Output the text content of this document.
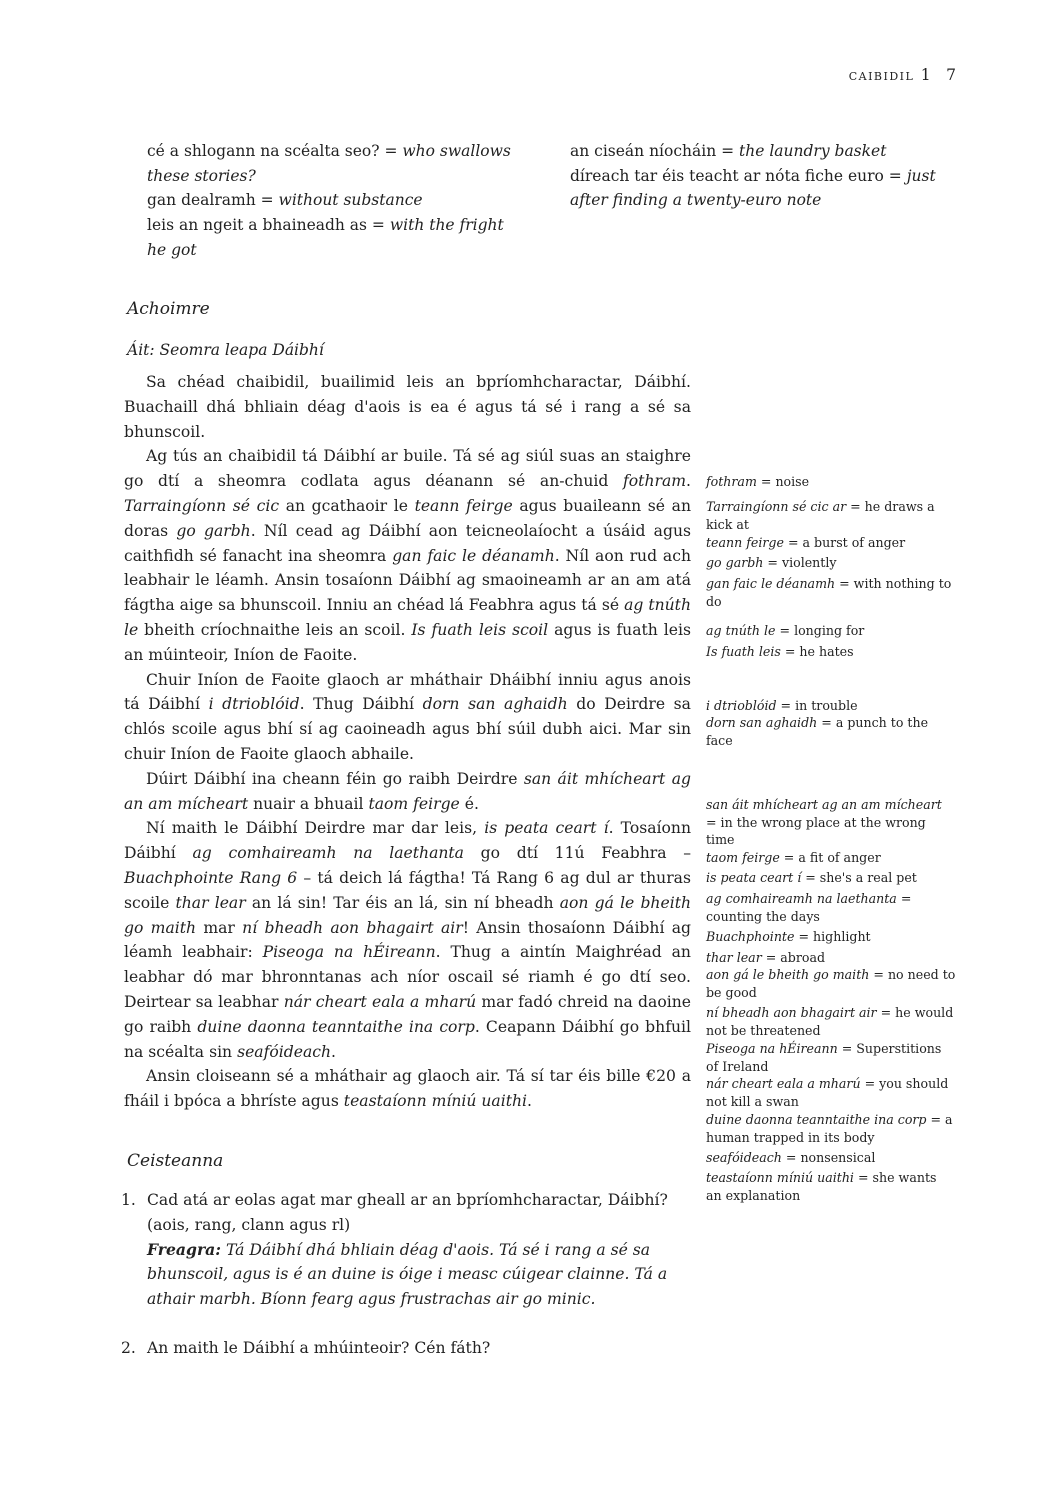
caibidil 1 7
cé a shlogann na scéalta seo? = who swallows these stories?
gan dealramh = without substance
leis an ngeit a bhaineadh as = with the fright he got
an ciseán níocháin = the laundry basket
díreach tar éis teacht ar nóta fiche euro = just after finding a twenty-euro note
Achoimre
Áit: Seomra leapa Dáibhí

Sa chéad chaibidil, buailimid leis an bpríomhcharactar, Dáibhí. Buachaill dhá bhliain déag d'aois is ea é agus tá sé i rang a sé sa bhunscoil.

Ag tús an chaibidil tá Dáibhí ar buile. Tá sé ag siúl suas an staighre go dtí a sheomra codlata agus déanann sé an-chuid fothram. Tarraingíonn sé cic an gcathaoir le teann feirge agus buaileann sé an doras go garbh. Níl cead ag Dáibhí aon teicneolaíocht a úsáid agus caithfidh sé fanacht ina sheomra gan faic le déanamh. Níl aon rud ach leabhair le léamh. Ansin tosaíonn Dáibhí ag smaoineamh ar an am atá fágtha aige sa bhunscoil. Inniu an chéad lá Feabhra agus tá sé ag tnúth le bheith críochnaithe leis an scoil. Is fuath leis scoil agus is fuath leis an múinteoir, Iníon de Faoite.

Chuir Iníon de Faoite glaoch ar mháthair Dháibhí inniu agus anois tá Dáibhí i dtrioblóid. Thug Dáibhí dorn san aghaidh do Deirdre sa chlós scoile agus bhí sí ag caoineadh agus bhí súil dubh aici. Mar sin chuir Iníon de Faoite glaoch abhaile.

Dúirt Dáibhí ina cheann féin go raibh Deirdre san áit mhícheart ag an am mícheart nuair a bhuail taom feirge é.

Ní maith le Dáibhí Deirdre mar dar leis, is peata ceart í. Tosaíonn Dáibhí ag comhaireamh na laethanta go dtí 11ú Feabhra – Buachphointe Rang 6 – tá deich lá fágtha! Tá Rang 6 ag dul ar thuras scoile thar lear an lá sin! Tar éis an lá, sin ní bheadh aon gá le bheith go maith mar ní bheadh aon bhagairt air! Ansin thosaíonn Dáibhí ag léamh leabhair: Piseoga na hÉireann. Thug a aintín Maighréad an leabhar dó mar bhronntanas ach níor oscail sé riamh é go dtí seo. Deirtear sa leabhar nár cheart eala a mharú mar fadó chreid na daoine go raibh duine daonna teanntaithe ina corp. Ceapann Dáibhí go bhfuil na scéalta sin seafóideach.

Ansin cloiseann sé a mháthair ag glaoch air. Tá sí tar éis bille €20 a fháil i bpóca a bhríste agus teastaíonn míniú uaithi.

fothram = noise
Tarraingíonn sé cic ar = he draws a kick at
teann feirge = a burst of anger
go garbh = violently
gan faic le déanamh = with nothing to do
ag tnúth le = longing for
Is fuath leis = he hates
i dtrioblóid = in trouble
dorn san aghaidh = a punch to the face
san áit mhícheart ag an am mícheart = in the wrong place at the wrong time
taom feirge = a fit of anger
is peata ceart í = she's a real pet
ag comhaireamh na laethanta = counting the days
Buachphointe = highlight
thar lear = abroad
aon gá le bheith go maith = no need to be good
ní bheadh aon bhagairt air = he would not be threatened
Piseoga na hÉireann = Superstitions of Ireland
nár cheart eala a mharú = you should not kill a swan
duine daonna teanntaithe ina corp = a human trapped in its body
seafóideach = nonsensical
teastaíonn míniú uaithi = she wants an explanation
Ceisteanna
1. Cad atá ar eolas agat mar gheall ar an bpríomhcharactar, Dáibhí? (aois, rang, clann agus rl)
Freagra: Tá Dáibhí dhá bhliain déag d'aois. Tá sé i rang a sé sa bhunscoil, agus is é an duine is óige i measc cúigear clainne. Tá a athair marbh. Bíonn fearg agus frustrachas air go minic.
2. An maith le Dáibhí a mhúinteoir? Cén fáth?
